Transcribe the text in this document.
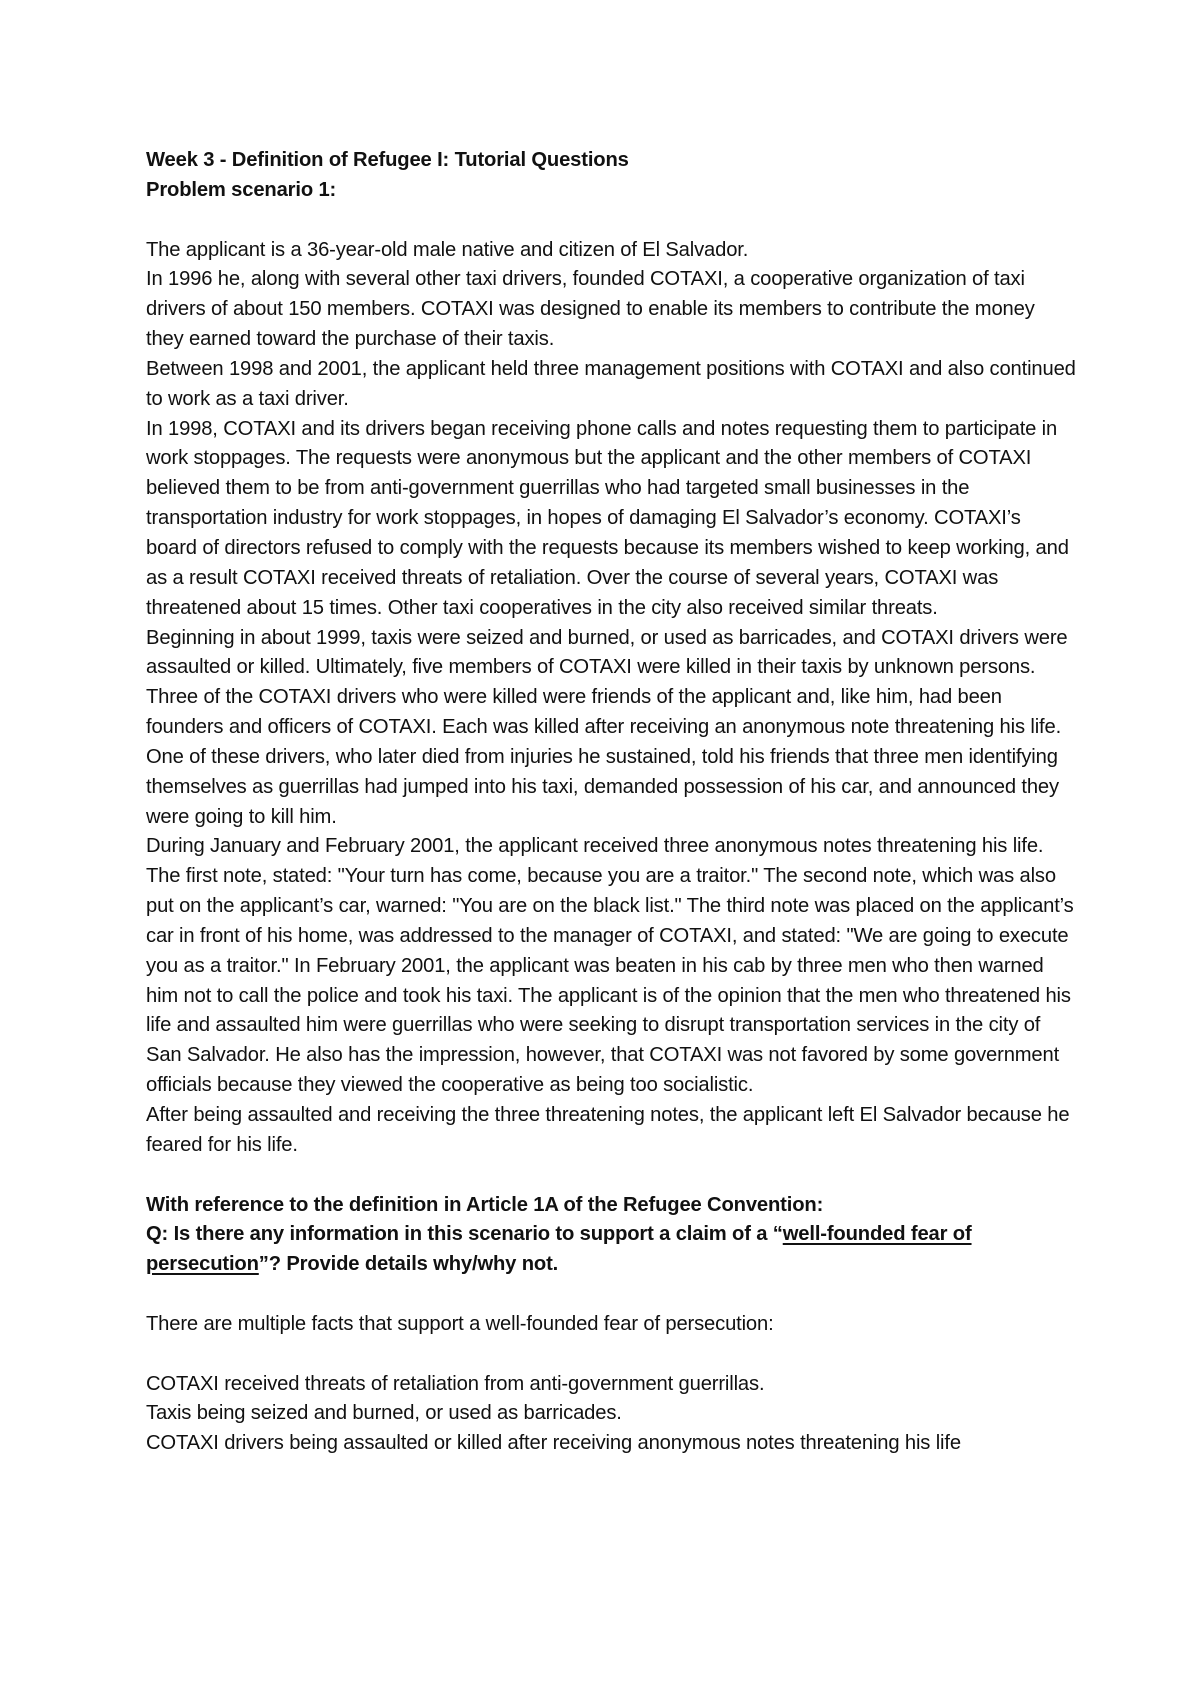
Week 3 - Definition of Refugee I: Tutorial Questions

Problem scenario 1:

The applicant is a 36-year-old male native and citizen of El Salvador.

In 1996 he, along with several other taxi drivers, founded COTAXI, a cooperative organization of taxi drivers of about 150 members. COTAXI was designed to enable its members to contribute the money they earned toward the purchase of their taxis.

Between 1998 and 2001, the applicant held three management positions with COTAXI and also continued to work as a taxi driver.

In 1998, COTAXI and its drivers began receiving phone calls and notes requesting them to participate in work stoppages. The requests were anonymous but the applicant and the other members of COTAXI believed them to be from anti-government guerrillas who had targeted small businesses in the transportation industry for work stoppages, in hopes of damaging El Salvador’s economy. COTAXI’s board of directors refused to comply with the requests because its members wished to keep working, and as a result COTAXI received threats of retaliation. Over the course of several years, COTAXI was threatened about 15 times. Other taxi cooperatives in the city also received similar threats.

Beginning in about 1999, taxis were seized and burned, or used as barricades, and COTAXI drivers were assaulted or killed. Ultimately, five members of COTAXI were killed in their taxis by unknown persons. Three of the COTAXI drivers who were killed were friends of the applicant and, like him, had been founders and officers of COTAXI. Each was killed after receiving an anonymous note threatening his life. One of these drivers, who later died from injuries he sustained, told his friends that three men identifying themselves as guerrillas had jumped into his taxi, demanded possession of his car, and announced they were going to kill him.

During January and February 2001, the applicant received three anonymous notes threatening his life. The first note, stated: "Your turn has come, because you are a traitor." The second note, which was also put on the applicant’s car, warned: "You are on the black list." The third note was placed on the applicant’s car in front of his home, was addressed to the manager of COTAXI, and stated: "We are going to execute you as a traitor." In February 2001, the applicant was beaten in his cab by three men who then warned him not to call the police and took his taxi. The applicant is of the opinion that the men who threatened his life and assaulted him were guerrillas who were seeking to disrupt transportation services in the city of San Salvador. He also has the impression, however, that COTAXI was not favored by some government officials because they viewed the cooperative as being too socialistic.

After being assaulted and receiving the three threatening notes, the applicant left El Salvador because he feared for his life.

With reference to the definition in Article 1A of the Refugee Convention:

Q: Is there any information in this scenario to support a claim of a “well-founded fear of persecution”? Provide details why/why not.

There are multiple facts that support a well-founded fear of persecution:

COTAXI received threats of retaliation from anti-government guerrillas.

Taxis being seized and burned, or used as barricades.

COTAXI drivers being assaulted or killed after receiving anonymous notes threatening his life
